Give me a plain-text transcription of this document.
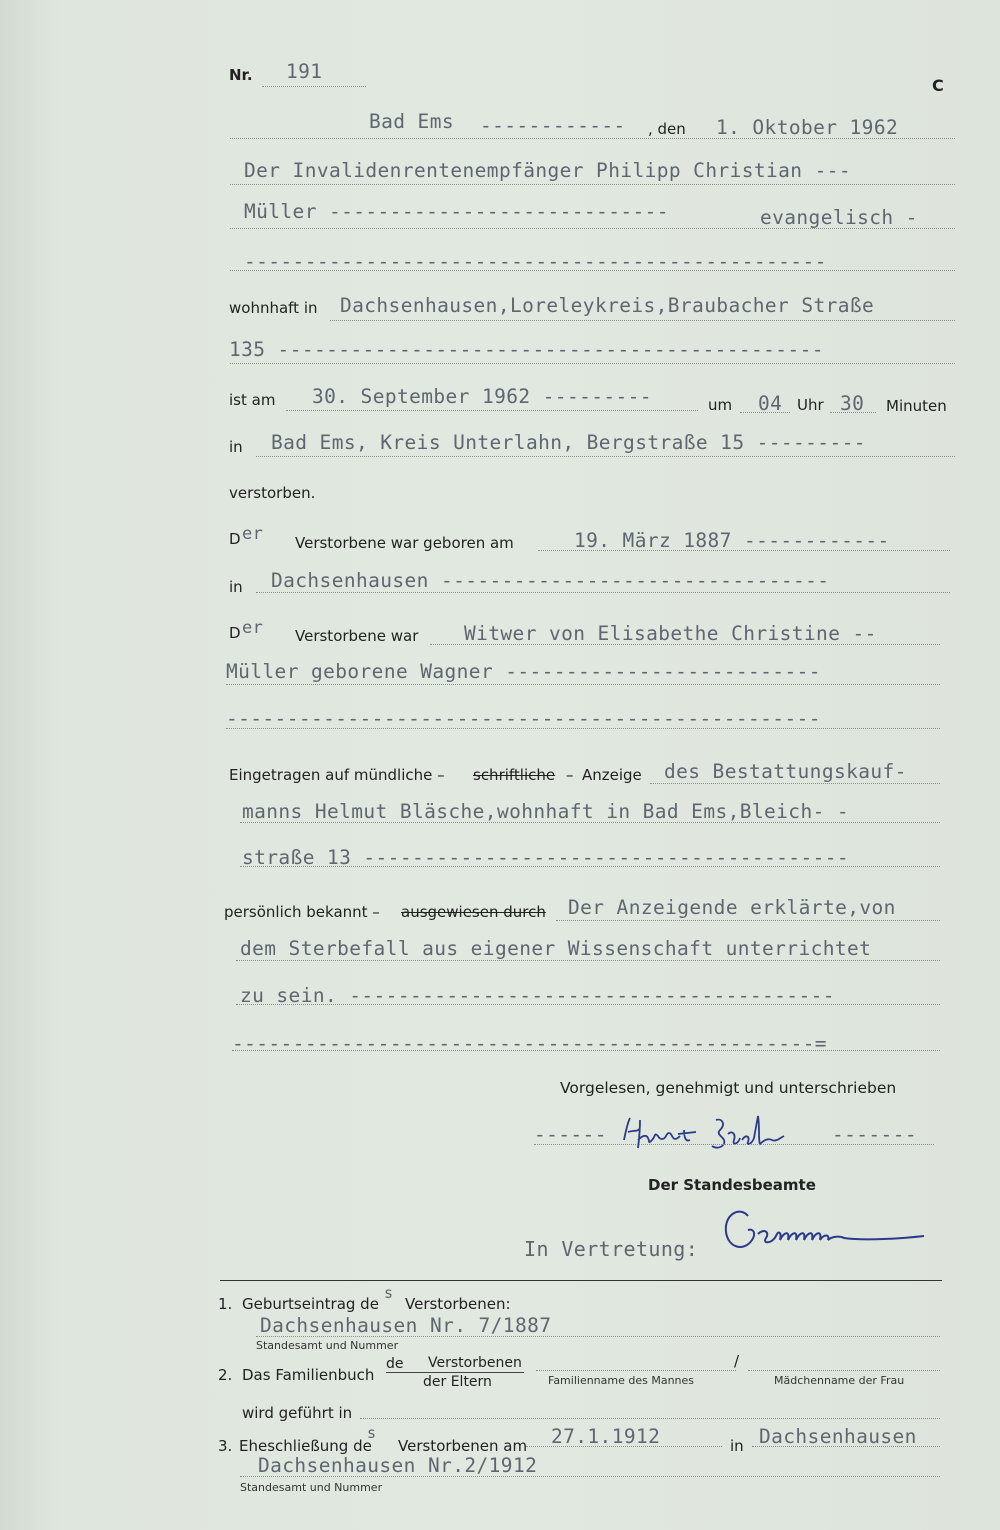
Nr. 191
C
Bad Ems ------------ , den 1. Oktober 1962
Der Invalidenrentenempfänger Philipp Christian ---
Müller ----------------------------	evangelisch -
------------------------------------------------
wohnhaft in Dachsenhausen,Loreleykreis,Braubacher Straße
135 ---------------------------------------------
ist am 30. September 1962 ---------	um 04 Uhr 30 Minuten
in Bad Ems, Kreis Unterlahn, Bergstraße 15 ---------
verstorben.
D er Verstorbene war geboren am	19. März 1887 ------------
in Dachsenhausen --------------------------------
D er Verstorbene war Witwer von Elisabethe Christine --
Müller geborene Wagner --------------------------
-------------------------------------------------
Eingetragen auf mündliche – schriftliche – Anzeige des Bestattungskauf-
manns Helmut Bläsche,wohnhaft in Bad Ems,Bleich- -
straße 13 ----------------------------------------
persönlich bekannt – ausgewiesen durch Der Anzeigende erklärte,von
dem Sterbefall aus eigener Wissenschaft unterrichtet
zu sein. ----------------------------------------
------------------------------------------------=
Vorgelesen, genehmigt und unterschrieben
------	-------
Der Standesbeamte
In Vertretung:
1. Geburtseintrag de
s
Verstorbenen:
Dachsenhausen Nr. 7/1887
Standesamt und Nummer
2. Das Familienbuch
de Verstorbenen
der Eltern
/
Familienname des Mannes	Mädchenname der Frau
wird geführt in
3. Eheschließung de
s
Verstorbenen am 27.1.1912	in Dachsenhausen
Dachsenhausen Nr.2/1912
Standesamt und Nummer
